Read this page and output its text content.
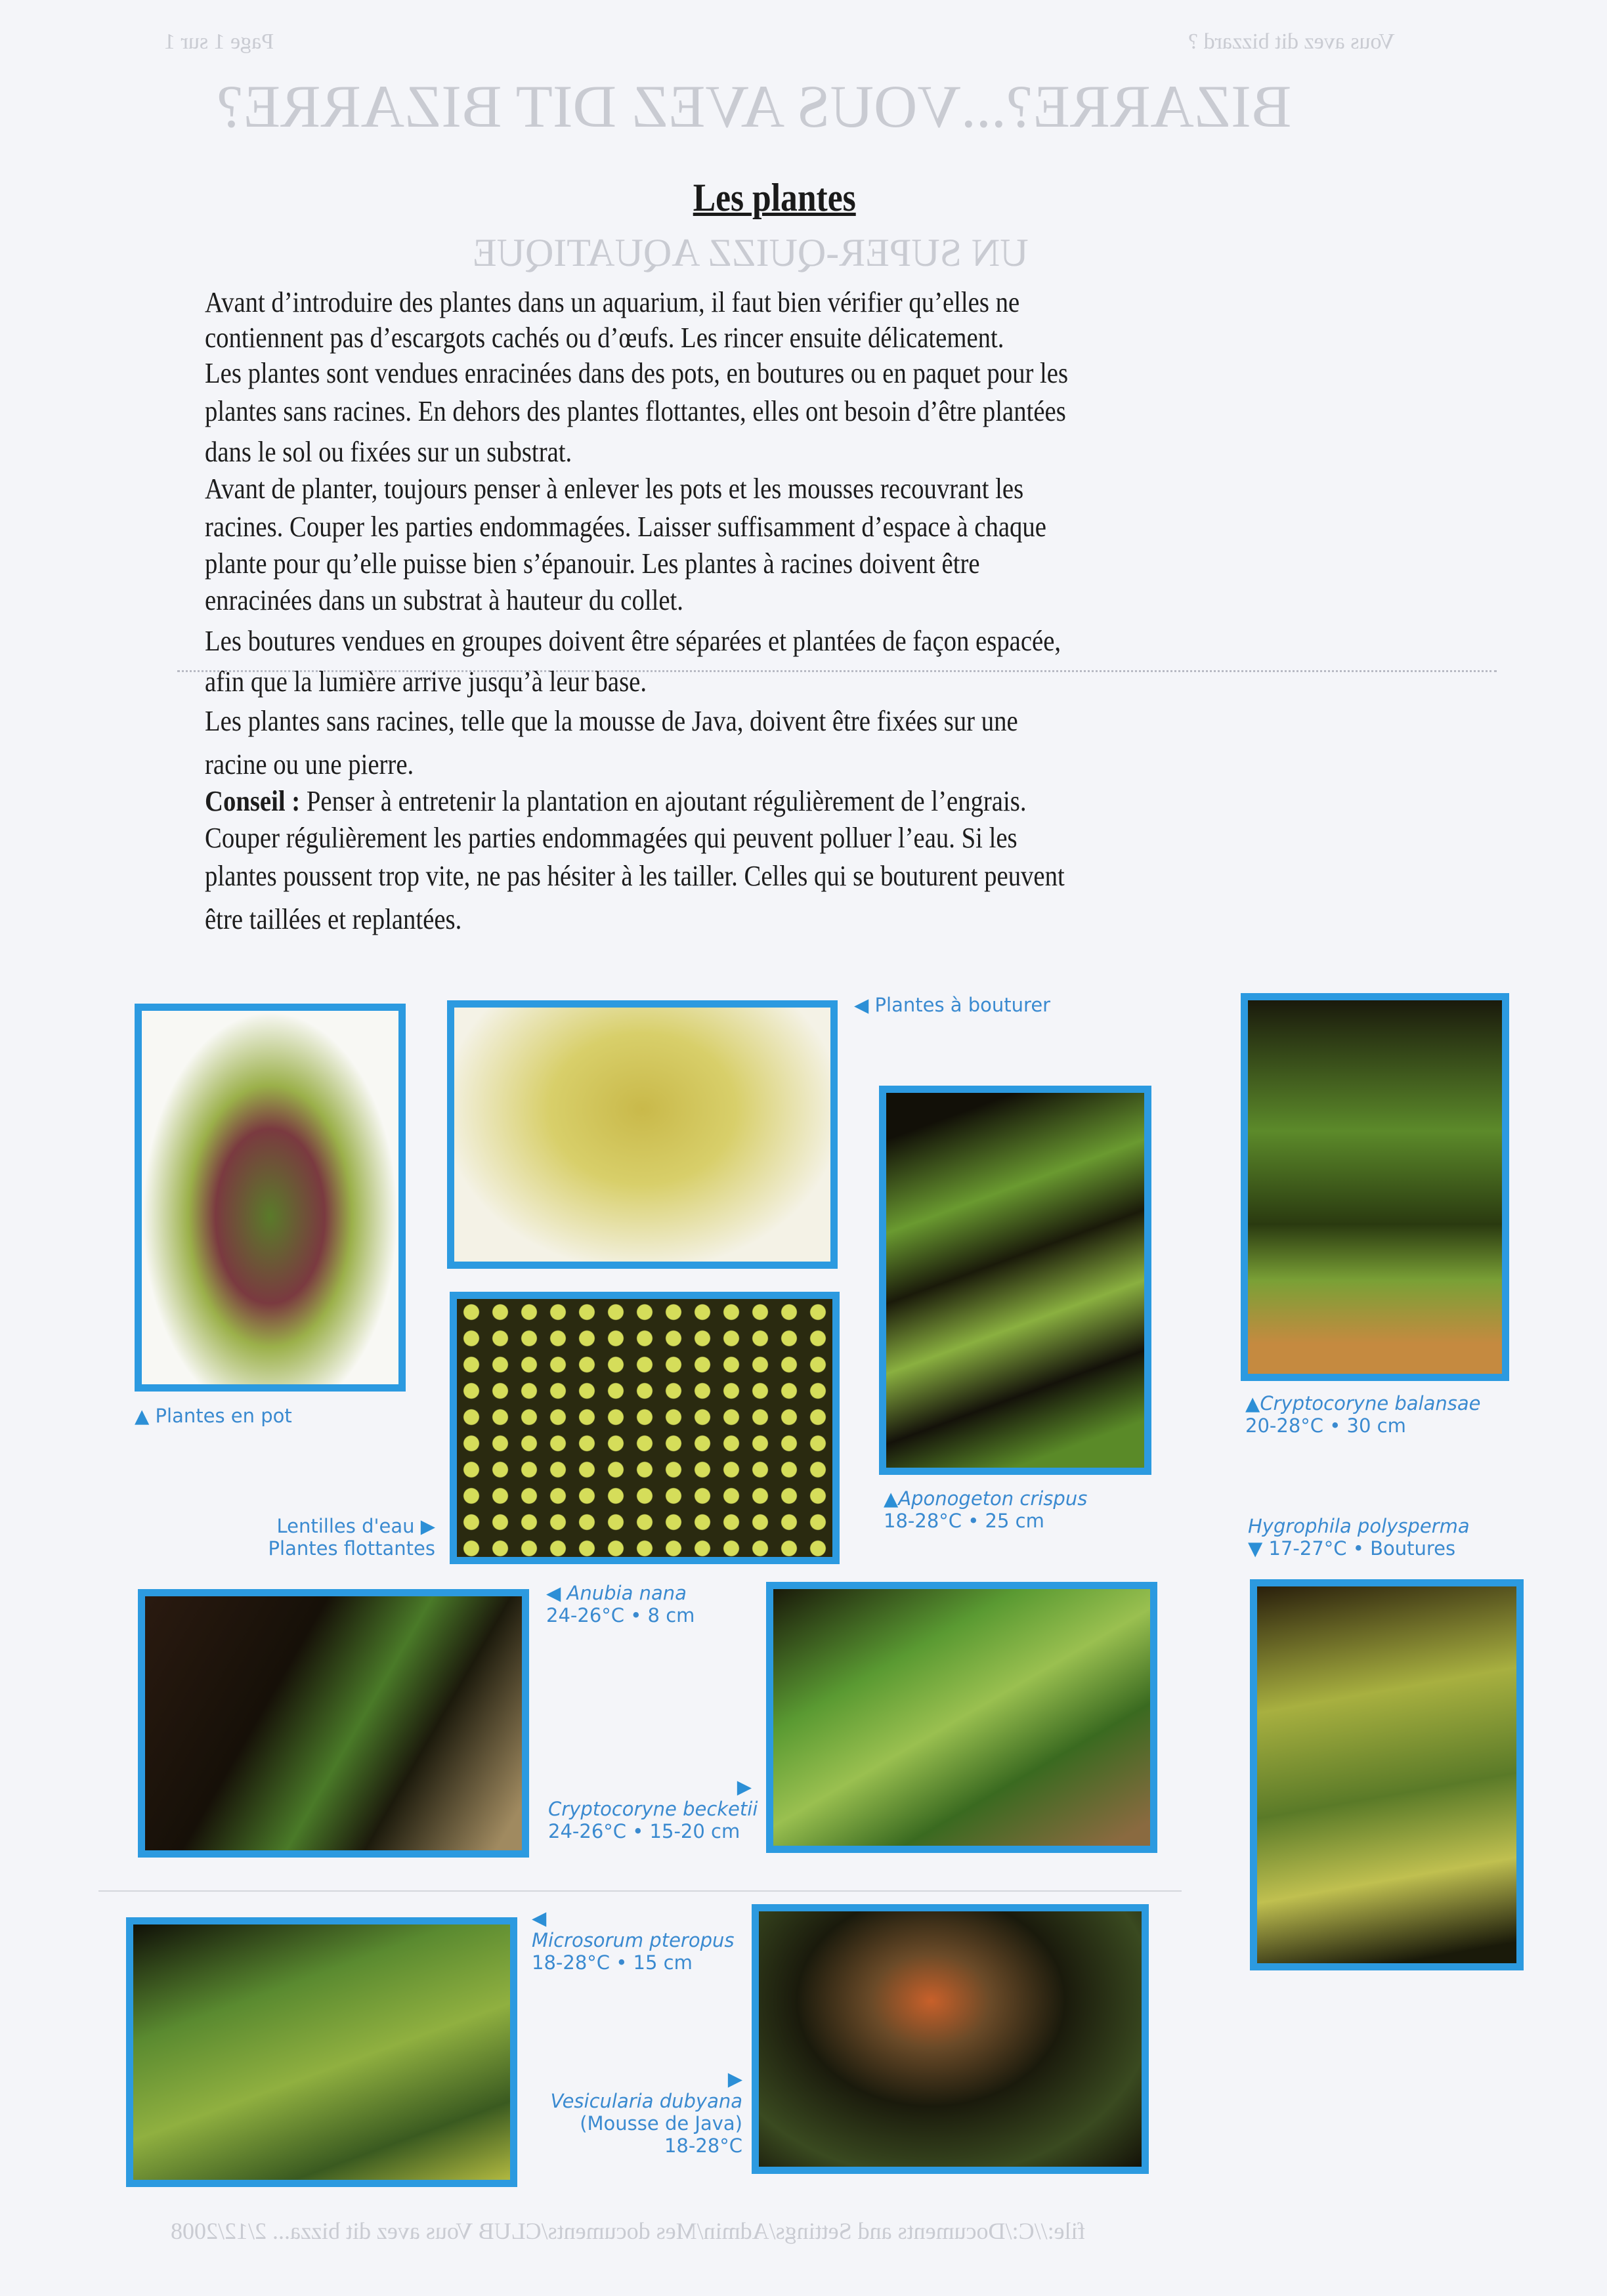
Page 1 sur 1	Vous avez dit bizzard ?
BIZARRE?...VOUS AVEZ DIT BIZARRE?
UN SUPER-QUIZZ AQUATIQUE
file://C:/Documents and Settings/Admin/Mes documents/CLUB Vous avez dit bizza... 2/12/2008
Les plantes
Avant d’introduire des plantes dans un aquarium, il faut bien vérifier qu’elles ne
contiennent pas d’escargots cachés ou d’œufs. Les rincer ensuite délicatement.
Les plantes sont vendues enracinées dans des pots, en boutures ou en paquet pour les
plantes sans racines. En dehors des plantes flottantes, elles ont besoin d’être plantées
dans le sol ou fixées sur un substrat.
Avant de planter, toujours penser à enlever les pots et les mousses recouvrant les
racines. Couper les parties endommagées. Laisser suffisamment d’espace à chaque
plante pour qu’elle puisse bien s’épanouir. Les plantes à racines doivent être
enracinées dans un substrat à hauteur du collet.
Les boutures vendues en groupes doivent être séparées et plantées de façon espacée,
afin que la lumière arrive jusqu’à leur base.
Les plantes sans racines, telle que la mousse de Java, doivent être fixées sur une
racine ou une pierre.
Conseil : Penser à entretenir la plantation en ajoutant régulièrement de l’engrais.
Couper régulièrement les parties endommagées qui peuvent polluer l’eau. Si les
plantes poussent trop vite, ne pas hésiter à les tailler. Celles qui se bouturent peuvent
être taillées et replantées.
▲ Plantes en pot
◀ Plantes à bouturer
Lentilles d'eau ▶
Plantes flottantes
◀ Anubia nana
24-26°C • 8 cm
▶
Cryptocoryne becketii
24-26°C • 15-20 cm
▲Aponogeton crispus
18-28°C • 25 cm
▲Cryptocoryne balansae
20-28°C • 30 cm
Hygrophila polysperma
▼ 17-27°C • Boutures
◀
Microsorum pteropus
18-28°C • 15 cm
▶
Vesicularia dubyana
(Mousse de Java)
18-28°C
